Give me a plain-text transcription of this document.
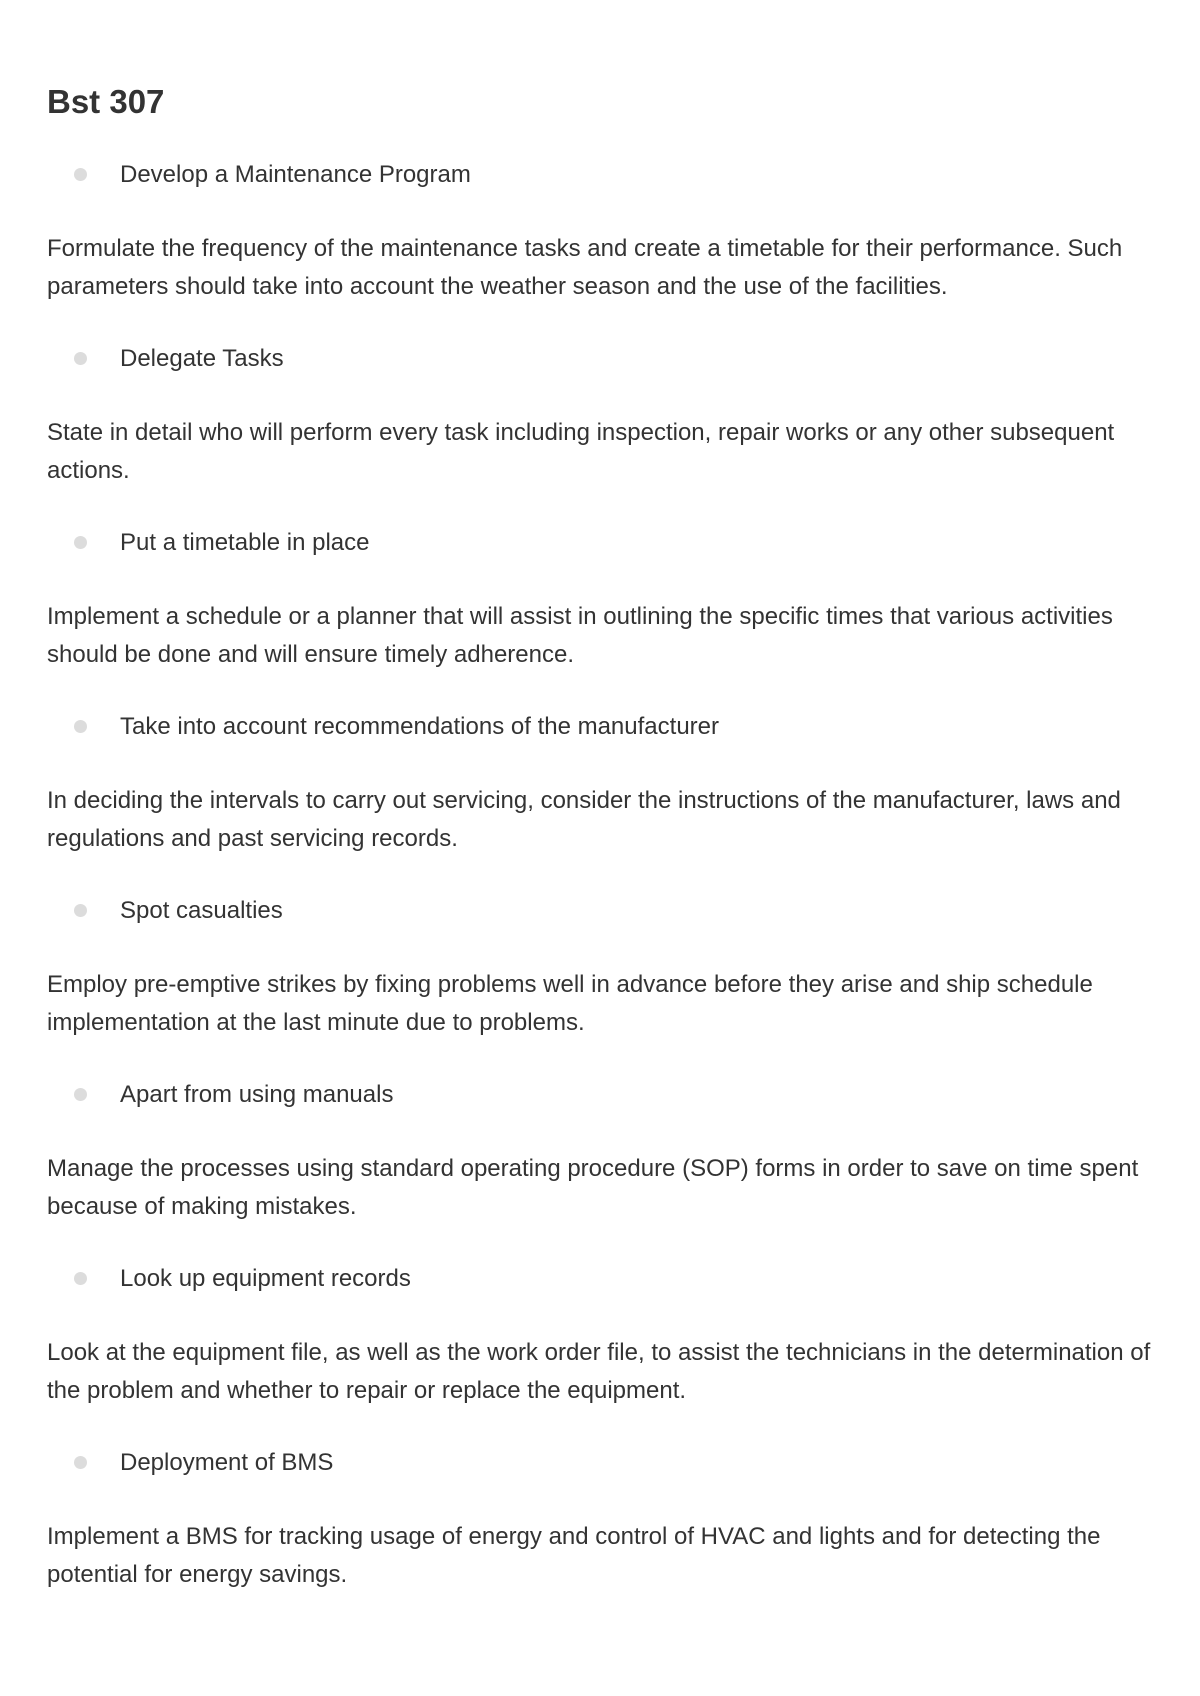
Bst 307
Develop a Maintenance Program

Formulate the frequency of the maintenance tasks and create a timetable for their performance. Such parameters should take into account the weather season and the use of the facilities.

Delegate Tasks

State in detail who will perform every task including inspection, repair works or any other subsequent actions.

Put a timetable in place

Implement a schedule or a planner that will assist in outlining the specific times that various activities should be done and will ensure timely adherence.

Take into account recommendations of the manufacturer

In deciding the intervals to carry out servicing, consider the instructions of the manufacturer, laws and regulations and past servicing records.

Spot casualties

Employ pre-emptive strikes by fixing problems well in advance before they arise and ship schedule implementation at the last minute due to problems.

Apart from using manuals

Manage the processes using standard operating procedure (SOP) forms in order to save on time spent because of making mistakes.

Look up equipment records

Look at the equipment file, as well as the work order file, to assist the technicians in the determination of the problem and whether to repair or replace the equipment.

Deployment of BMS

Implement a BMS for tracking usage of energy and control of HVAC and lights and for detecting the potential for energy savings.
